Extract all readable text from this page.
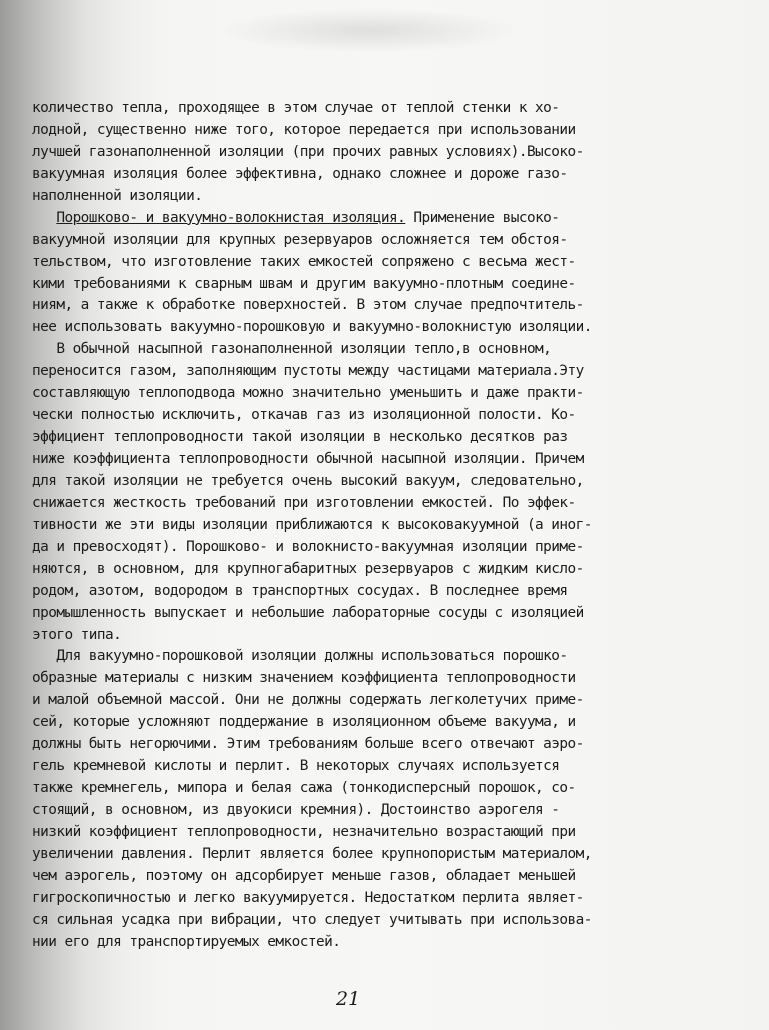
количество тепла, проходящее в этом случае от теплой стенки к хо-
лодной, существенно ниже того, которое передается при использовании
лучшей газонаполненной изоляции (при прочих равных условиях).Высоко-
вакуумная изоляция более эффективна, однако сложнее и дороже газо-
наполненной изоляции.
Порошково- и вакуумно-волокнистая изоляция. Применение высоко-
вакуумной изоляции для крупных резервуаров осложняется тем обстоя-
тельством, что изготовление таких емкостей сопряжено с весьма жест-
кими требованиями к сварным швам и другим вакуумно-плотным соедине-
ниям, а также к обработке поверхностей. В этом случае предпочтитель-
нее использовать вакуумно-порошковую и вакуумно-волокнистую изоляции.
В обычной насыпной газонаполненной изоляции тепло,в основном,
переносится газом, заполняющим пустоты между частицами материала.Эту
составляющую теплоподвода можно значительно уменьшить и даже практи-
чески полностью исключить, откачав газ из изоляционной полости. Ко-
эффициент теплопроводности такой изоляции в несколько десятков раз
ниже коэффициента теплопроводности обычной насыпной изоляции. Причем
для такой изоляции не требуется очень высокий вакуум, следовательно,
снижается жесткость требований при изготовлении емкостей. По эффек-
тивности же эти виды изоляции приближаются к высоковакуумной (а иног-
да и превосходят). Порошково- и волокнисто-вакуумная изоляции приме-
няются, в основном, для крупногабаритных резервуаров с жидким кисло-
родом, азотом, водородом в транспортных сосудах. В последнее время
промышленность выпускает и небольшие лабораторные сосуды с изоляцией
этого типа.
Для вакуумно-порошковой изоляции должны использоваться порошко-
образные материалы с низким значением коэффициента теплопроводности
и малой объемной массой. Они не должны содержать легколетучих приме-
сей, которые усложняют поддержание в изоляционном объеме вакуума, и
должны быть негорючими. Этим требованиям больше всего отвечают аэро-
гель кремневой кислоты и перлит. В некоторых случаях используется
также кремнегель, мипора и белая сажа (тонкодисперсный порошок, со-
стоящий, в основном, из двуокиси кремния). Достоинство аэрогеля -
низкий коэффициент теплопроводности, незначительно возрастающий при
увеличении давления. Перлит является более крупнопористым материалом,
чем аэрогель, поэтому он адсорбирует меньше газов, обладает меньшей
гигроскопичностью и легко вакуумируется. Недостатком перлита являет-
ся сильная усадка при вибрации, что следует учитывать при использова-
нии его для транспортируемых емкостей.
21
